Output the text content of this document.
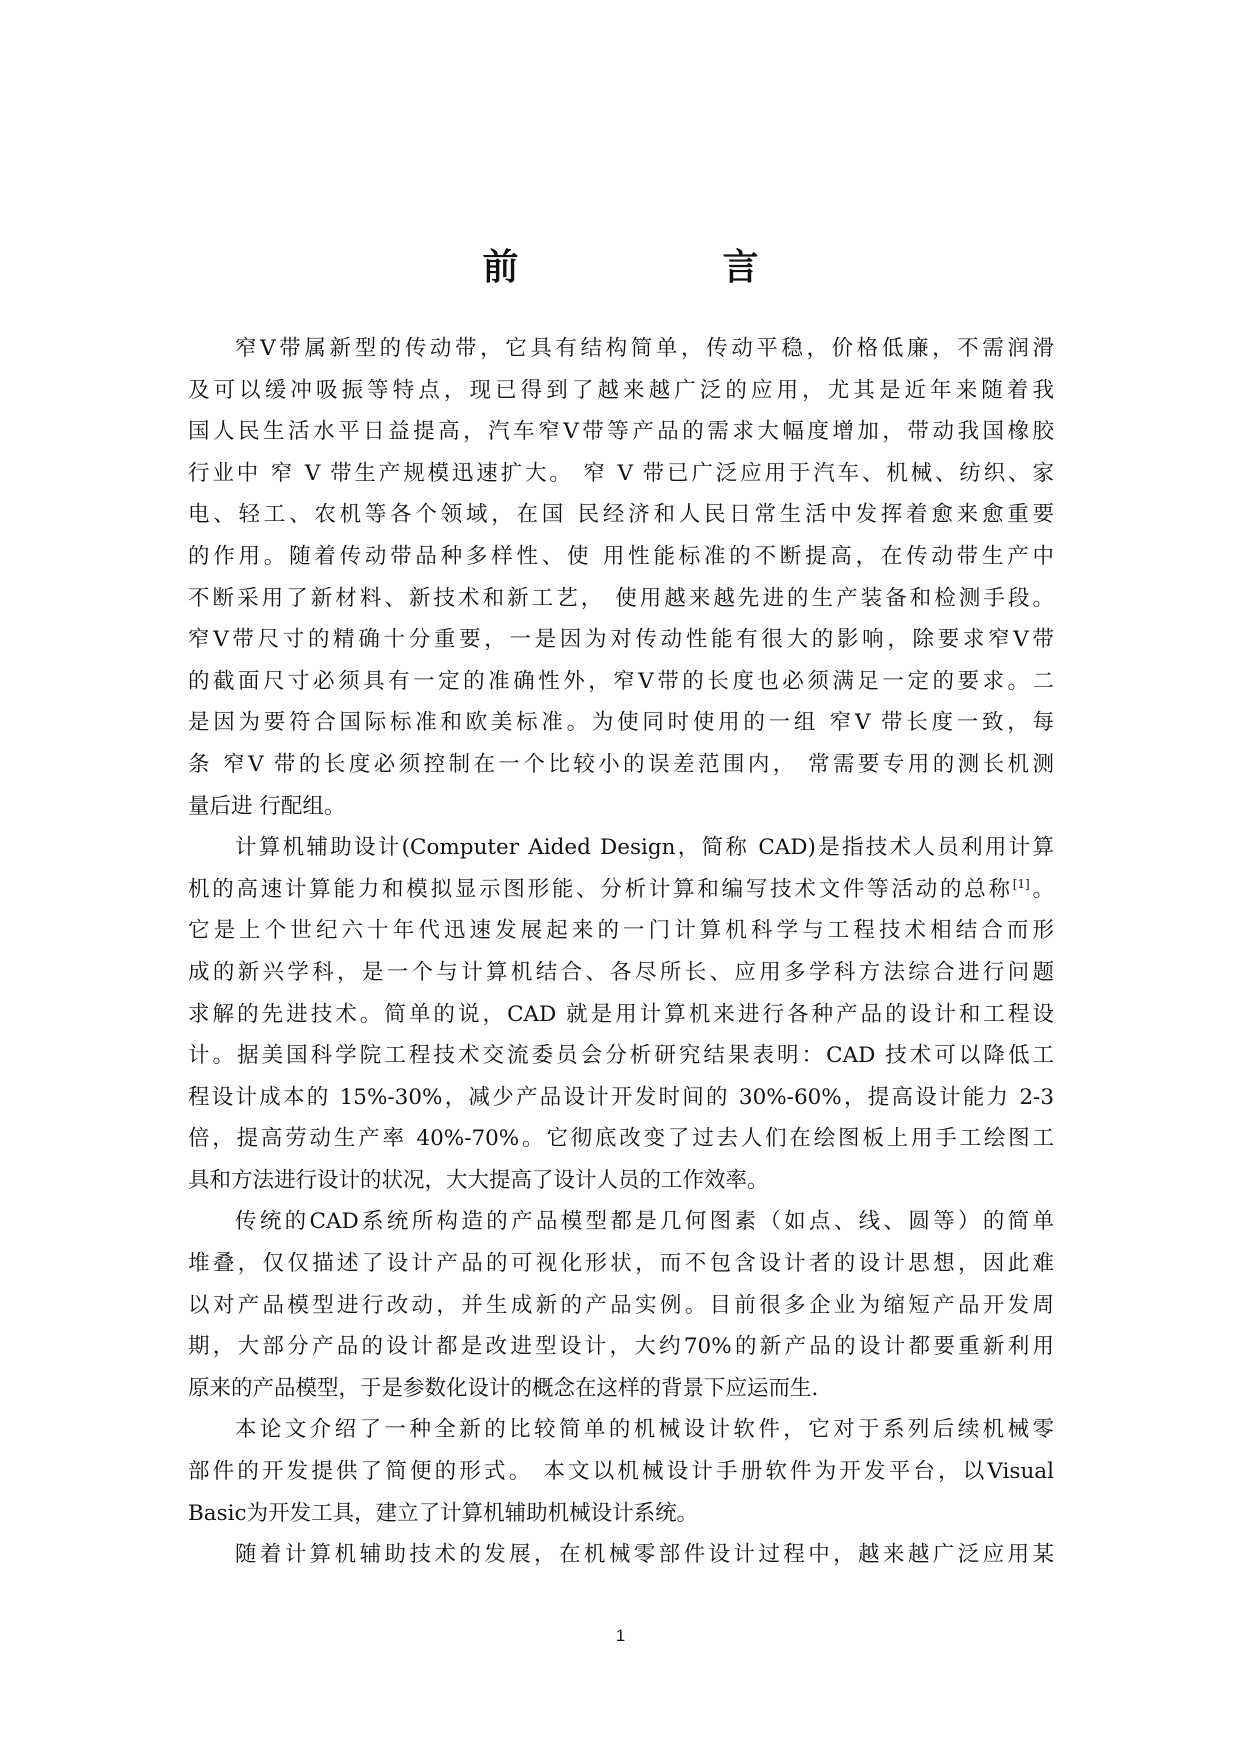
前　　言
窄V带属新型的传动带，它具有结构简单，传动平稳，价格低廉，不需润滑
及可以缓冲吸振等特点，现已得到了越来越广泛的应用，尤其是近年来随着我
国人民生活水平日益提高，汽车窄V带等产品的需求大幅度增加，带动我国橡胶
行业中 窄 V 带生产规模迅速扩大。 窄 V 带已广泛应用于汽车、机械、纺织、家
电、轻工、农机等各个领域，在国 民经济和人民日常生活中发挥着愈来愈重要
的作用。随着传动带品种多样性、使 用性能标准的不断提高，在传动带生产中
不断采用了新材料、新技术和新工艺， 使用越来越先进的生产装备和检测手段。
窄V带尺寸的精确十分重要，一是因为对传动性能有很大的影响，除要求窄V带
的截面尺寸必须具有一定的准确性外，窄V带的长度也必须满足一定的要求。二
是因为要符合国际标准和欧美标准。为使同时使用的一组 窄V 带长度一致，每
条 窄V 带的长度必须控制在一个比较小的误差范围内， 常需要专用的测长机测
量后进 行配组。
计算机辅助设计(Computer Aided Design，简称 CAD)是指技术人员利用计算
机的高速计算能力和模拟显示图形能、分析计算和编写技术文件等活动的总称[1]。
它是上个世纪六十年代迅速发展起来的一门计算机科学与工程技术相结合而形
成的新兴学科，是一个与计算机结合、各尽所长、应用多学科方法综合进行问题
求解的先进技术。简单的说，CAD 就是用计算机来进行各种产品的设计和工程设
计。据美国科学院工程技术交流委员会分析研究结果表明：CAD 技术可以降低工
程设计成本的 15%-30%，减少产品设计开发时间的 30%-60%，提高设计能力 2-3
倍，提高劳动生产率 40%-70%。它彻底改变了过去人们在绘图板上用手工绘图工
具和方法进行设计的状况，大大提高了设计人员的工作效率。
传统的CAD系统所构造的产品模型都是几何图素（如点、线、圆等）的简单
堆叠，仅仅描述了设计产品的可视化形状，而不包含设计者的设计思想，因此难
以对产品模型进行改动，并生成新的产品实例。目前很多企业为缩短产品开发周
期，大部分产品的设计都是改进型设计，大约70%的新产品的设计都要重新利用
原来的产品模型，于是参数化设计的概念在这样的背景下应运而生.
本论文介绍了一种全新的比较简单的机械设计软件，它对于系列后续机械零
部件的开发提供了简便的形式。 本文以机械设计手册软件为开发平台，以Visual
Basic为开发工具，建立了计算机辅助机械设计系统。
随着计算机辅助技术的发展，在机械零部件设计过程中，越来越广泛应用某
1
